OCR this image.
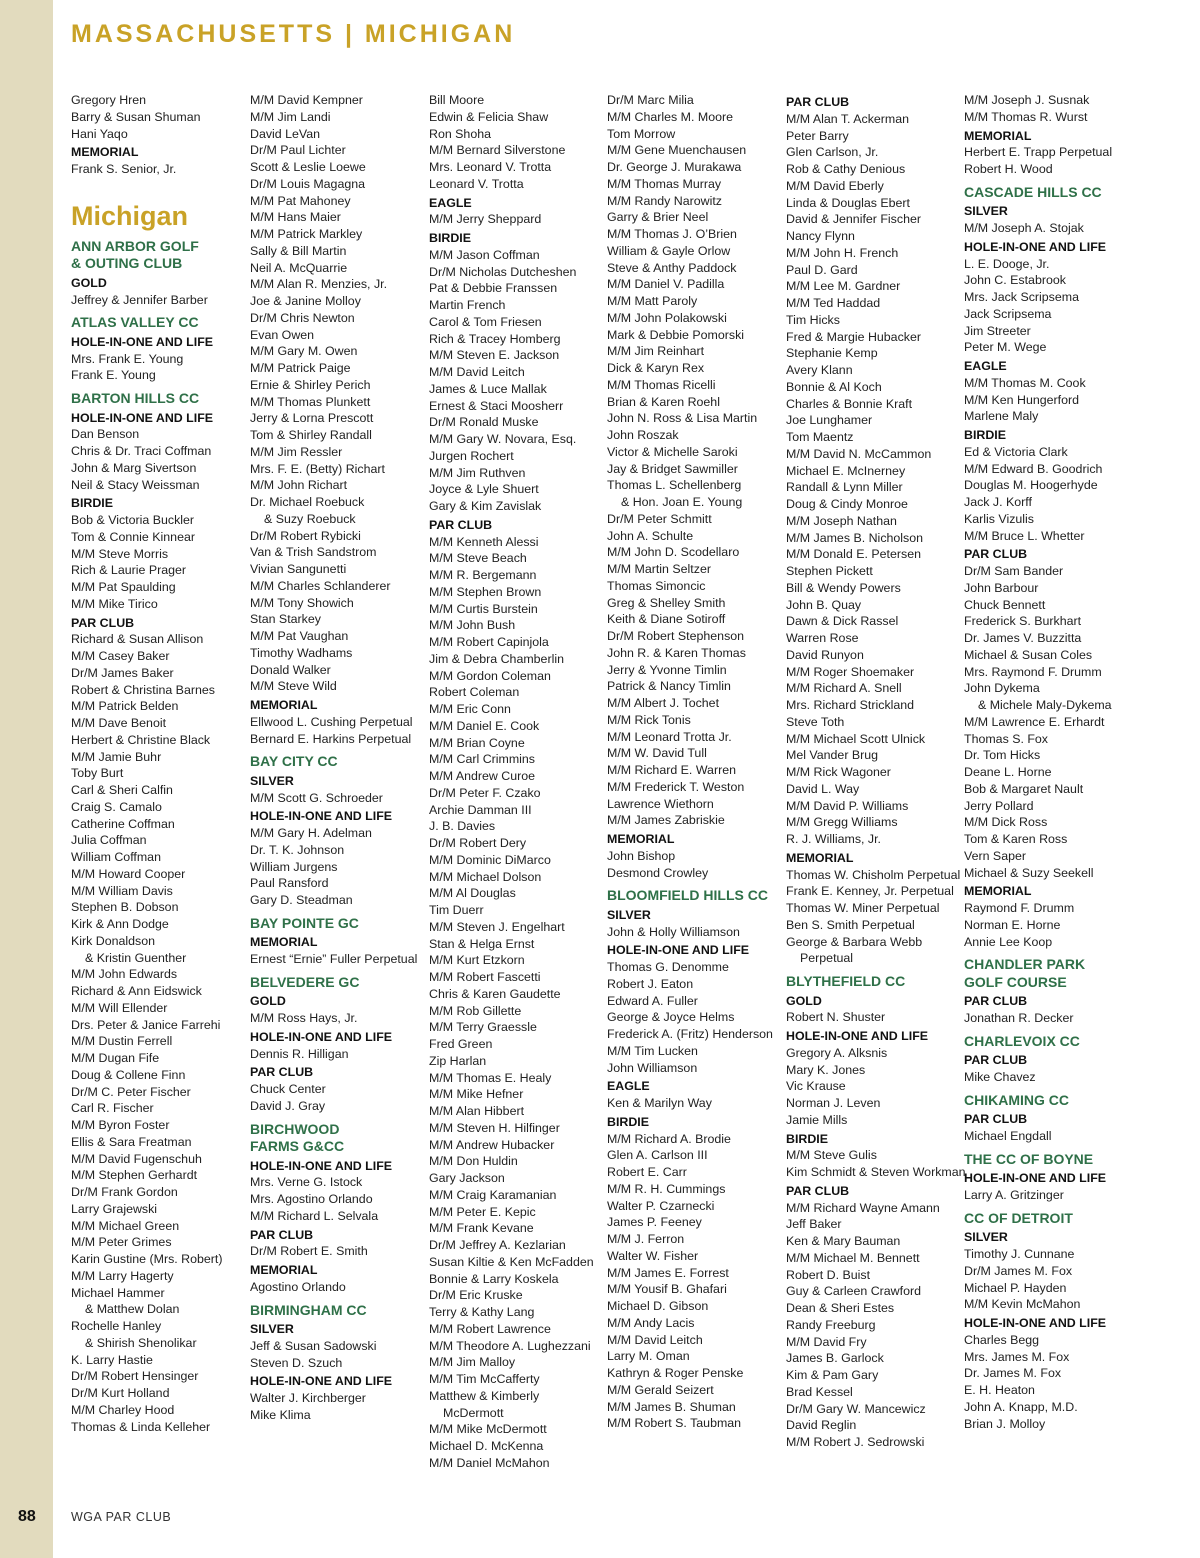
MASSACHUSETTS | MICHIGAN
Gregory Hren
Barry & Susan Shuman
Hani Yaqo
MEMORIAL
Frank S. Senior, Jr.
Michigan
ANN ARBOR GOLF
& OUTING CLUB
GOLD
Jeffrey & Jennifer Barber
ATLAS VALLEY CC
HOLE-IN-ONE AND LIFE
Mrs. Frank E. Young
Frank E. Young
BARTON HILLS CC
HOLE-IN-ONE AND LIFE
Dan Benson
Chris & Dr. Traci Coffman
John & Marg Sivertson
Neil & Stacy Weissman
BIRDIE
Bob & Victoria Buckler
Tom & Connie Kinnear
M/M Steve Morris
Rich & Laurie Prager
M/M Pat Spaulding
M/M Mike Tirico
PAR CLUB
Richard & Susan Allison
M/M Casey Baker
Dr/M James Baker
Robert & Christina Barnes
M/M Patrick Belden
M/M Dave Benoit
Herbert & Christine Black
M/M Jamie Buhr
Toby Burt
Carl & Sheri Calfin
Craig S. Camalo
Catherine Coffman
Julia Coffman
William Coffman
M/M Howard Cooper
M/M William Davis
Stephen B. Dobson
Kirk & Ann Dodge
Kirk Donaldson
& Kristin Guenther
M/M John Edwards
Richard & Ann Eidswick
M/M Will Ellender
Drs. Peter & Janice Farrehi
M/M Dustin Ferrell
M/M Dugan Fife
Doug & Collene Finn
Dr/M C. Peter Fischer
Carl R. Fischer
M/M Byron Foster
Ellis & Sara Freatman
M/M David Fugenschuh
M/M Stephen Gerhardt
Dr/M Frank Gordon
Larry Grajewski
M/M Michael Green
M/M Peter Grimes
Karin Gustine (Mrs. Robert)
M/M Larry Hagerty
Michael Hammer
& Matthew Dolan
Rochelle Hanley
& Shirish Shenolikar
K. Larry Hastie
Dr/M Robert Hensinger
Dr/M Kurt Holland
M/M Charley Hood
Thomas & Linda Kelleher
M/M David Kempner
M/M Jim Landi
David LeVan
Dr/M Paul Lichter
Scott & Leslie Loewe
Dr/M Louis Magagna
M/M Pat Mahoney
M/M Hans Maier
M/M Patrick Markley
Sally & Bill Martin
Neil A. McQuarrie
M/M Alan R. Menzies, Jr.
Joe & Janine Molloy
Dr/M Chris Newton
Evan Owen
M/M Gary M. Owen
M/M Patrick Paige
Ernie & Shirley Perich
M/M Thomas Plunkett
Jerry & Lorna Prescott
Tom & Shirley Randall
M/M Jim Ressler
Mrs. F. E. (Betty) Richart
M/M John Richart
Dr. Michael Roebuck
& Suzy Roebuck
Dr/M Robert Rybicki
Van & Trish Sandstrom
Vivian Sangunetti
M/M Charles Schlanderer
M/M Tony Showich
Stan Starkey
M/M Pat Vaughan
Timothy Wadhams
Donald Walker
M/M Steve Wild
MEMORIAL
Ellwood L. Cushing Perpetual
Bernard E. Harkins Perpetual
BAY CITY CC
SILVER
M/M Scott G. Schroeder
HOLE-IN-ONE AND LIFE
M/M Gary H. Adelman
Dr. T. K. Johnson
William Jurgens
Paul Ransford
Gary D. Steadman
BAY POINTE GC
MEMORIAL
Ernest “Ernie” Fuller Perpetual
BELVEDERE GC
GOLD
M/M Ross Hays, Jr.
HOLE-IN-ONE AND LIFE
Dennis R. Hilligan
PAR CLUB
Chuck Center
David J. Gray
BIRCHWOOD
FARMS G&CC
HOLE-IN-ONE AND LIFE
Mrs. Verne G. Istock
Mrs. Agostino Orlando
M/M Richard L. Selvala
PAR CLUB
Dr/M Robert E. Smith
MEMORIAL
Agostino Orlando
BIRMINGHAM CC
SILVER
Jeff & Susan Sadowski
Steven D. Szuch
HOLE-IN-ONE AND LIFE
Walter J. Kirchberger
Mike Klima
Bill Moore
Edwin & Felicia Shaw
Ron Shoha
M/M Bernard Silverstone
Mrs. Leonard V. Trotta
Leonard V. Trotta
EAGLE
M/M Jerry Sheppard
BIRDIE
M/M Jason Coffman
Dr/M Nicholas Dutcheshen
Pat & Debbie Franssen
Martin French
Carol & Tom Friesen
Rich & Tracey Homberg
M/M Steven E. Jackson
M/M David Leitch
James & Luce Mallak
Ernest & Staci Moosherr
Dr/M Ronald Muske
M/M Gary W. Novara, Esq.
Jurgen Rochert
M/M Jim Ruthven
Joyce & Lyle Shuert
Gary & Kim Zavislak
PAR CLUB
M/M Kenneth Alessi
M/M Steve Beach
M/M R. Bergemann
M/M Stephen Brown
M/M Curtis Burstein
M/M John Bush
M/M Robert Capinjola
Jim & Debra Chamberlin
M/M Gordon Coleman
Robert Coleman
M/M Eric Conn
M/M Daniel E. Cook
M/M Brian Coyne
M/M Carl Crimmins
M/M Andrew Curoe
Dr/M Peter F. Czako
Archie Damman III
J. B. Davies
Dr/M Robert Dery
M/M Dominic DiMarco
M/M Michael Dolson
M/M Al Douglas
Tim Duerr
M/M Steven J. Engelhart
Stan & Helga Ernst
M/M Kurt Etzkorn
M/M Robert Fascetti
Chris & Karen Gaudette
M/M Rob Gillette
M/M Terry Graessle
Fred Green
Zip Harlan
M/M Thomas E. Healy
M/M Mike Hefner
M/M Alan Hibbert
M/M Steven H. Hilfinger
M/M Andrew Hubacker
M/M Don Huldin
Gary Jackson
M/M Craig Karamanian
M/M Peter E. Kepic
M/M Frank Kevane
Dr/M Jeffrey A. Kezlarian
Susan Kiltie & Ken McFadden
Bonnie & Larry Koskela
Dr/M Eric Kruske
Terry & Kathy Lang
M/M Robert Lawrence
M/M Theodore A. Lughezzani
M/M Jim Malloy
M/M Tim McCafferty
Matthew & Kimberly
McDermott
M/M Mike McDermott
Michael D. McKenna
M/M Daniel McMahon
Dr/M Marc Milia
M/M Charles M. Moore
Tom Morrow
M/M Gene Muenchausen
Dr. George J. Murakawa
M/M Thomas Murray
M/M Randy Narowitz
Garry & Brier Neel
M/M Thomas J. O’Brien
William & Gayle Orlow
Steve & Anthy Paddock
M/M Daniel V. Padilla
M/M Matt Paroly
M/M John Polakowski
Mark & Debbie Pomorski
M/M Jim Reinhart
Dick & Karyn Rex
M/M Thomas Ricelli
Brian & Karen Roehl
John N. Ross & Lisa Martin
John Roszak
Victor & Michelle Saroki
Jay & Bridget Sawmiller
Thomas L. Schellenberg
& Hon. Joan E. Young
Dr/M Peter Schmitt
John A. Schulte
M/M John D. Scodellaro
M/M Martin Seltzer
Thomas Simoncic
Greg & Shelley Smith
Keith & Diane Sotiroff
Dr/M Robert Stephenson
John R. & Karen Thomas
Jerry & Yvonne Timlin
Patrick & Nancy Timlin
M/M Albert J. Tochet
M/M Rick Tonis
M/M Leonard Trotta Jr.
M/M W. David Tull
M/M Richard E. Warren
M/M Frederick T. Weston
Lawrence Wiethorn
M/M James Zabriskie
MEMORIAL
John Bishop
Desmond Crowley
BLOOMFIELD HILLS CC
SILVER
John & Holly Williamson
HOLE-IN-ONE AND LIFE
Thomas G. Denomme
Robert J. Eaton
Edward A. Fuller
George & Joyce Helms
Frederick A. (Fritz) Henderson
M/M Tim Lucken
John Williamson
EAGLE
Ken & Marilyn Way
BIRDIE
M/M Richard A. Brodie
Glen A. Carlson III
Robert E. Carr
M/M R. H. Cummings
Walter P. Czarnecki
James P. Feeney
M/M J. Ferron
Walter W. Fisher
M/M James E. Forrest
M/M Yousif B. Ghafari
Michael D. Gibson
M/M Andy Lacis
M/M David Leitch
Larry M. Oman
Kathryn & Roger Penske
M/M Gerald Seizert
M/M James B. Shuman
M/M Robert S. Taubman
PAR CLUB
M/M Alan T. Ackerman
Peter Barry
Glen Carlson, Jr.
Rob & Cathy Denious
M/M David Eberly
Linda & Douglas Ebert
David & Jennifer Fischer
Nancy Flynn
M/M John H. French
Paul D. Gard
M/M Lee M. Gardner
M/M Ted Haddad
Tim Hicks
Fred & Margie Hubacker
Stephanie Kemp
Avery Klann
Bonnie & Al Koch
Charles & Bonnie Kraft
Joe Lunghamer
Tom Maentz
M/M David N. McCammon
Michael E. McInerney
Randall & Lynn Miller
Doug & Cindy Monroe
M/M Joseph Nathan
M/M James B. Nicholson
M/M Donald E. Petersen
Stephen Pickett
Bill & Wendy Powers
John B. Quay
Dawn & Dick Rassel
Warren Rose
David Runyon
M/M Roger Shoemaker
M/M Richard A. Snell
Mrs. Richard Strickland
Steve Toth
M/M Michael Scott Ulnick
Mel Vander Brug
M/M Rick Wagoner
David L. Way
M/M David P. Williams
M/M Gregg Williams
R. J. Williams, Jr.
MEMORIAL
Thomas W. Chisholm Perpetual
Frank E. Kenney, Jr. Perpetual
Thomas W. Miner Perpetual
Ben S. Smith Perpetual
George & Barbara Webb
Perpetual
BLYTHEFIELD CC
GOLD
Robert N. Shuster
HOLE-IN-ONE AND LIFE
Gregory A. Alksnis
Mary K. Jones
Vic Krause
Norman J. Leven
Jamie Mills
BIRDIE
M/M Steve Gulis
Kim Schmidt & Steven Workman
PAR CLUB
M/M Richard Wayne Amann
Jeff Baker
Ken & Mary Bauman
M/M Michael M. Bennett
Robert D. Buist
Guy & Carleen Crawford
Dean & Sheri Estes
Randy Freeburg
M/M David Fry
James B. Garlock
Kim & Pam Gary
Brad Kessel
Dr/M Gary W. Mancewicz
David Reglin
M/M Robert J. Sedrowski
M/M Joseph J. Susnak
M/M Thomas R. Wurst
MEMORIAL
Herbert E. Trapp Perpetual
Robert H. Wood
CASCADE HILLS CC
SILVER
M/M Joseph A. Stojak
HOLE-IN-ONE AND LIFE
L. E. Dooge, Jr.
John C. Estabrook
Mrs. Jack Scripsema
Jack Scripsema
Jim Streeter
Peter M. Wege
EAGLE
M/M Thomas M. Cook
M/M Ken Hungerford
Marlene Maly
BIRDIE
Ed & Victoria Clark
M/M Edward B. Goodrich
Douglas M. Hoogerhyde
Jack J. Korff
Karlis Vizulis
M/M Bruce L. Whetter
PAR CLUB
Dr/M Sam Bander
John Barbour
Chuck Bennett
Frederick S. Burkhart
Dr. James V. Buzzitta
Michael & Susan Coles
Mrs. Raymond F. Drumm
John Dykema
& Michele Maly-Dykema
M/M Lawrence E. Erhardt
Thomas S. Fox
Dr. Tom Hicks
Deane L. Horne
Bob & Margaret Nault
Jerry Pollard
M/M Dick Ross
Tom & Karen Ross
Vern Saper
Michael & Suzy Seekell
MEMORIAL
Raymond F. Drumm
Norman E. Horne
Annie Lee Koop
CHANDLER PARK
GOLF COURSE
PAR CLUB
Jonathan R. Decker
CHARLEVOIX CC
PAR CLUB
Mike Chavez
CHIKAMING CC
PAR CLUB
Michael Engdall
THE CC OF BOYNE
HOLE-IN-ONE AND LIFE
Larry A. Gritzinger
CC OF DETROIT
SILVER
Timothy J. Cunnane
Dr/M James M. Fox
Michael P. Hayden
M/M Kevin McMahon
HOLE-IN-ONE AND LIFE
Charles Begg
Mrs. James M. Fox
Dr. James M. Fox
E. H. Heaton
John A. Knapp, M.D.
Brian J. Molloy
88	WGA PAR CLUB
